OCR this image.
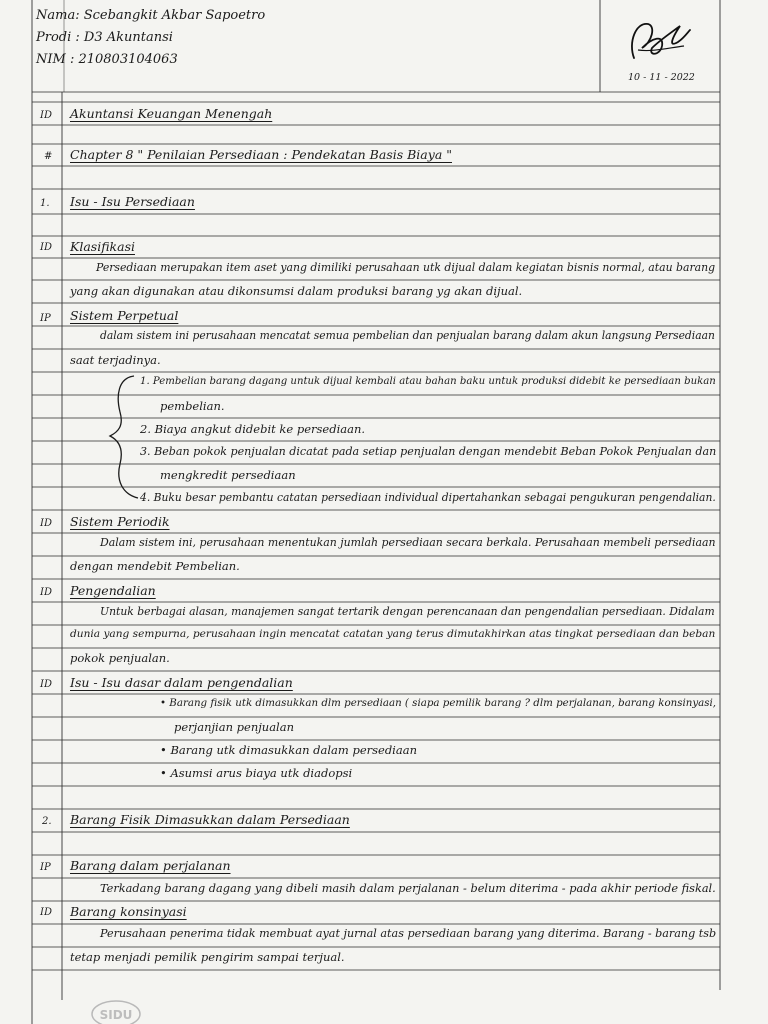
Nama: Scebangkit Akbar Sapoetro
Prodi : D3 Akuntansi
NIM : 210803104063
10 - 11 - 2022
ID
#
1.
ID
IP
ID
ID
ID
2.
IP
ID
Akuntansi Keuangan Menengah
Chapter 8 " Penilaian Persediaan : Pendekatan Basis Biaya "
Isu - Isu Persediaan
Klasifikasi
Persediaan merupakan item aset yang dimiliki perusahaan utk dijual dalam kegiatan bisnis normal, atau barang
yang akan digunakan atau dikonsumsi dalam produksi barang yg akan dijual.
Sistem Perpetual
dalam sistem ini perusahaan mencatat semua pembelian dan penjualan barang dalam akun langsung Persediaan
saat terjadinya.
1. Pembelian barang dagang untuk dijual kembali atau bahan baku untuk produksi didebit ke persediaan bukan
pembelian.
2. Biaya angkut didebit ke persediaan.
3. Beban pokok penjualan dicatat pada setiap penjualan dengan mendebit Beban Pokok Penjualan dan
mengkredit persediaan
4. Buku besar pembantu catatan persediaan individual dipertahankan sebagai pengukuran pengendalian.
Sistem Periodik
Dalam sistem ini, perusahaan menentukan jumlah persediaan secara berkala. Perusahaan membeli persediaan
dengan mendebit Pembelian.
Pengendalian
Untuk berbagai alasan, manajemen sangat tertarik dengan perencanaan dan pengendalian persediaan. Didalam
dunia yang sempurna, perusahaan ingin mencatat catatan yang terus dimutakhirkan atas tingkat persediaan dan beban
pokok penjualan.
Isu - Isu dasar dalam pengendalian
• Barang fisik utk dimasukkan dlm persediaan ( siapa pemilik barang ? dlm perjalanan, barang konsinyasi,
perjanjian penjualan
• Barang utk dimasukkan dalam persediaan
• Asumsi arus biaya utk diadopsi
Barang Fisik Dimasukkan dalam Persediaan
Barang dalam perjalanan
Terkadang barang dagang yang dibeli masih dalam perjalanan - belum diterima - pada akhir periode fiskal.
Barang konsinyasi
Perusahaan penerima tidak membuat ayat jurnal atas persediaan barang yang diterima. Barang - barang tsb
tetap menjadi pemilik pengirim sampai terjual.
SIDU
